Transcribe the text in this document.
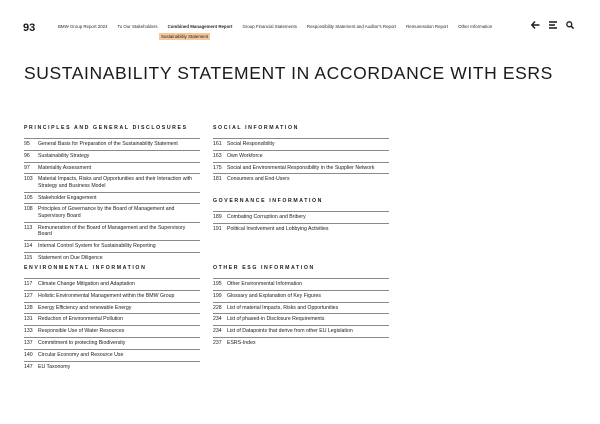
93	BMW Group Report 2024 To Our Stakeholders Combined Management Report Group Financial Statements Responsibility Statement and Auditor's Report Remuneration Report Other Information
Sustainability Statement
SUSTAINABILITY STATEMENT IN ACCORDANCE WITH ESRS
PRINCIPLES AND GENERAL DISCLOSURES
95	General Basis for Preparation of the Sustainability Statement
96	Sustainability Strategy
97	Materiality Assessment
103	Material Impacts, Risks and Opportunities and their Interaction with Strategy and Business Model
105	Stakeholder Engagement
108	Principles of Governance by the Board of Management and Supervisory Board
113	Remuneration of the Board of Management and the Supervisory Board
114	Internal Control System for Sustainability Reporting
115	Statement on Due Diligence
SOCIAL INFORMATION
161	Social Responsibility
163	Own Workforce
175	Social and Environmental Responsibility in the Supplier Network
181	Consumers and End-Users
GOVERNANCE INFORMATION
189	Combating Corruption and Bribery
191	Political Involvement and Lobbying Activities
ENVIRONMENTAL INFORMATION
117	Climate Change Mitigation and Adaptation
127	Holistic Environmental Management within the BMW Group
128	Energy Efficiency and renewable Energy
131	Reduction of Environmental Pollution
133	Responsible Use of Water Resources
137	Commitment to protecting Biodiversity
140	Circular Economy and Resource Use
147	EU Taxonomy
OTHER ESG INFORMATION
195	Other Environmental Information
199	Glossary and Explanation of Key Figures
228	List of material Impacts, Risks and Opportunities
234	List of phased-in Disclosure Requirements
234	List of Datapoints that derive from other EU Legislation
237	ESRS-Index
